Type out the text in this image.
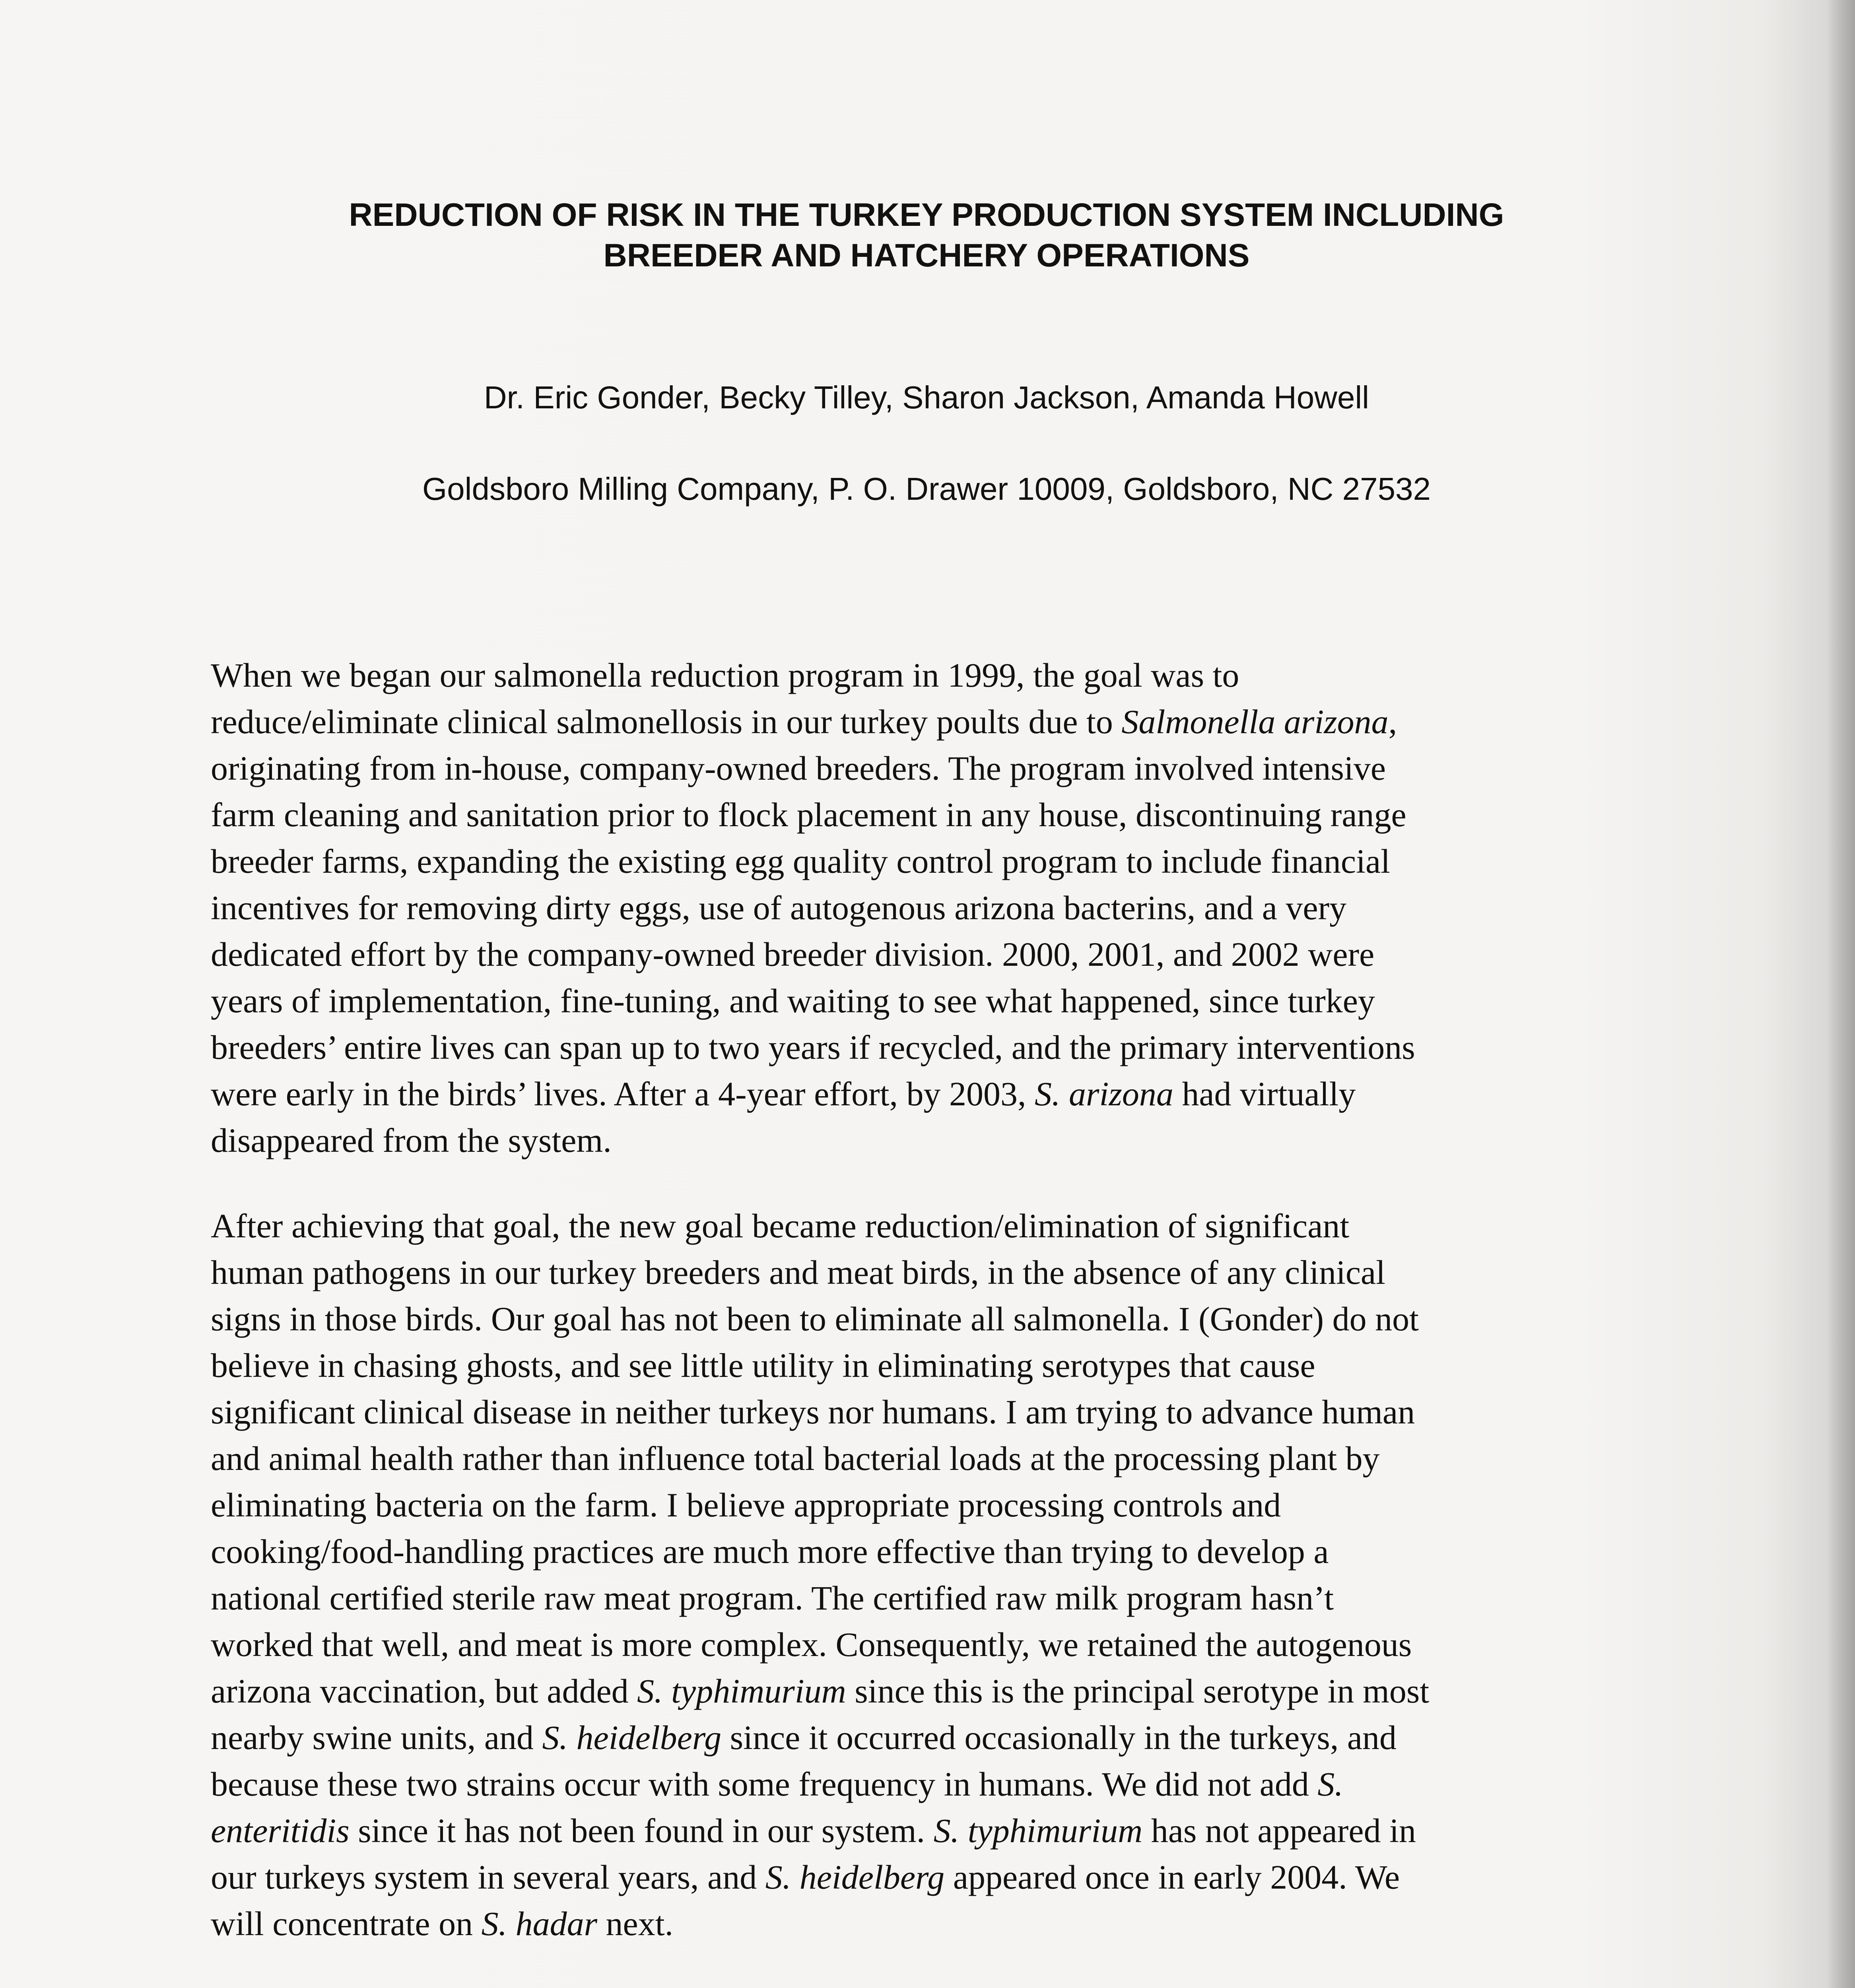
REDUCTION OF RISK IN THE TURKEY PRODUCTION SYSTEM INCLUDING
BREEDER AND HATCHERY OPERATIONS

Dr. Eric Gonder, Becky Tilley, Sharon Jackson, Amanda Howell

Goldsboro Milling Company, P. O. Drawer 10009, Goldsboro, NC 27532

When we began our salmonella reduction program in 1999, the goal was to
reduce/eliminate clinical salmonellosis in our turkey poults due to Salmonella arizona,
originating from in-house, company-owned breeders. The program involved intensive
farm cleaning and sanitation prior to flock placement in any house, discontinuing range
breeder farms, expanding the existing egg quality control program to include financial
incentives for removing dirty eggs, use of autogenous arizona bacterins, and a very
dedicated effort by the company-owned breeder division. 2000, 2001, and 2002 were
years of implementation, fine-tuning, and waiting to see what happened, since turkey
breeders’ entire lives can span up to two years if recycled, and the primary interventions
were early in the birds’ lives. After a 4-year effort, by 2003, S. arizona had virtually
disappeared from the system.
After achieving that goal, the new goal became reduction/elimination of significant
human pathogens in our turkey breeders and meat birds, in the absence of any clinical
signs in those birds. Our goal has not been to eliminate all salmonella. I (Gonder) do not
believe in chasing ghosts, and see little utility in eliminating serotypes that cause
significant clinical disease in neither turkeys nor humans. I am trying to advance human
and animal health rather than influence total bacterial loads at the processing plant by
eliminating bacteria on the farm. I believe appropriate processing controls and
cooking/food-handling practices are much more effective than trying to develop a
national certified sterile raw meat program. The certified raw milk program hasn’t
worked that well, and meat is more complex. Consequently, we retained the autogenous
arizona vaccination, but added S. typhimurium since this is the principal serotype in most
nearby swine units, and S. heidelberg since it occurred occasionally in the turkeys, and
because these two strains occur with some frequency in humans. We did not add S.
enteritidis since it has not been found in our system. S. typhimurium has not appeared in
our turkeys system in several years, and S. heidelberg appeared once in early 2004. We
will concentrate on S. hadar next.
